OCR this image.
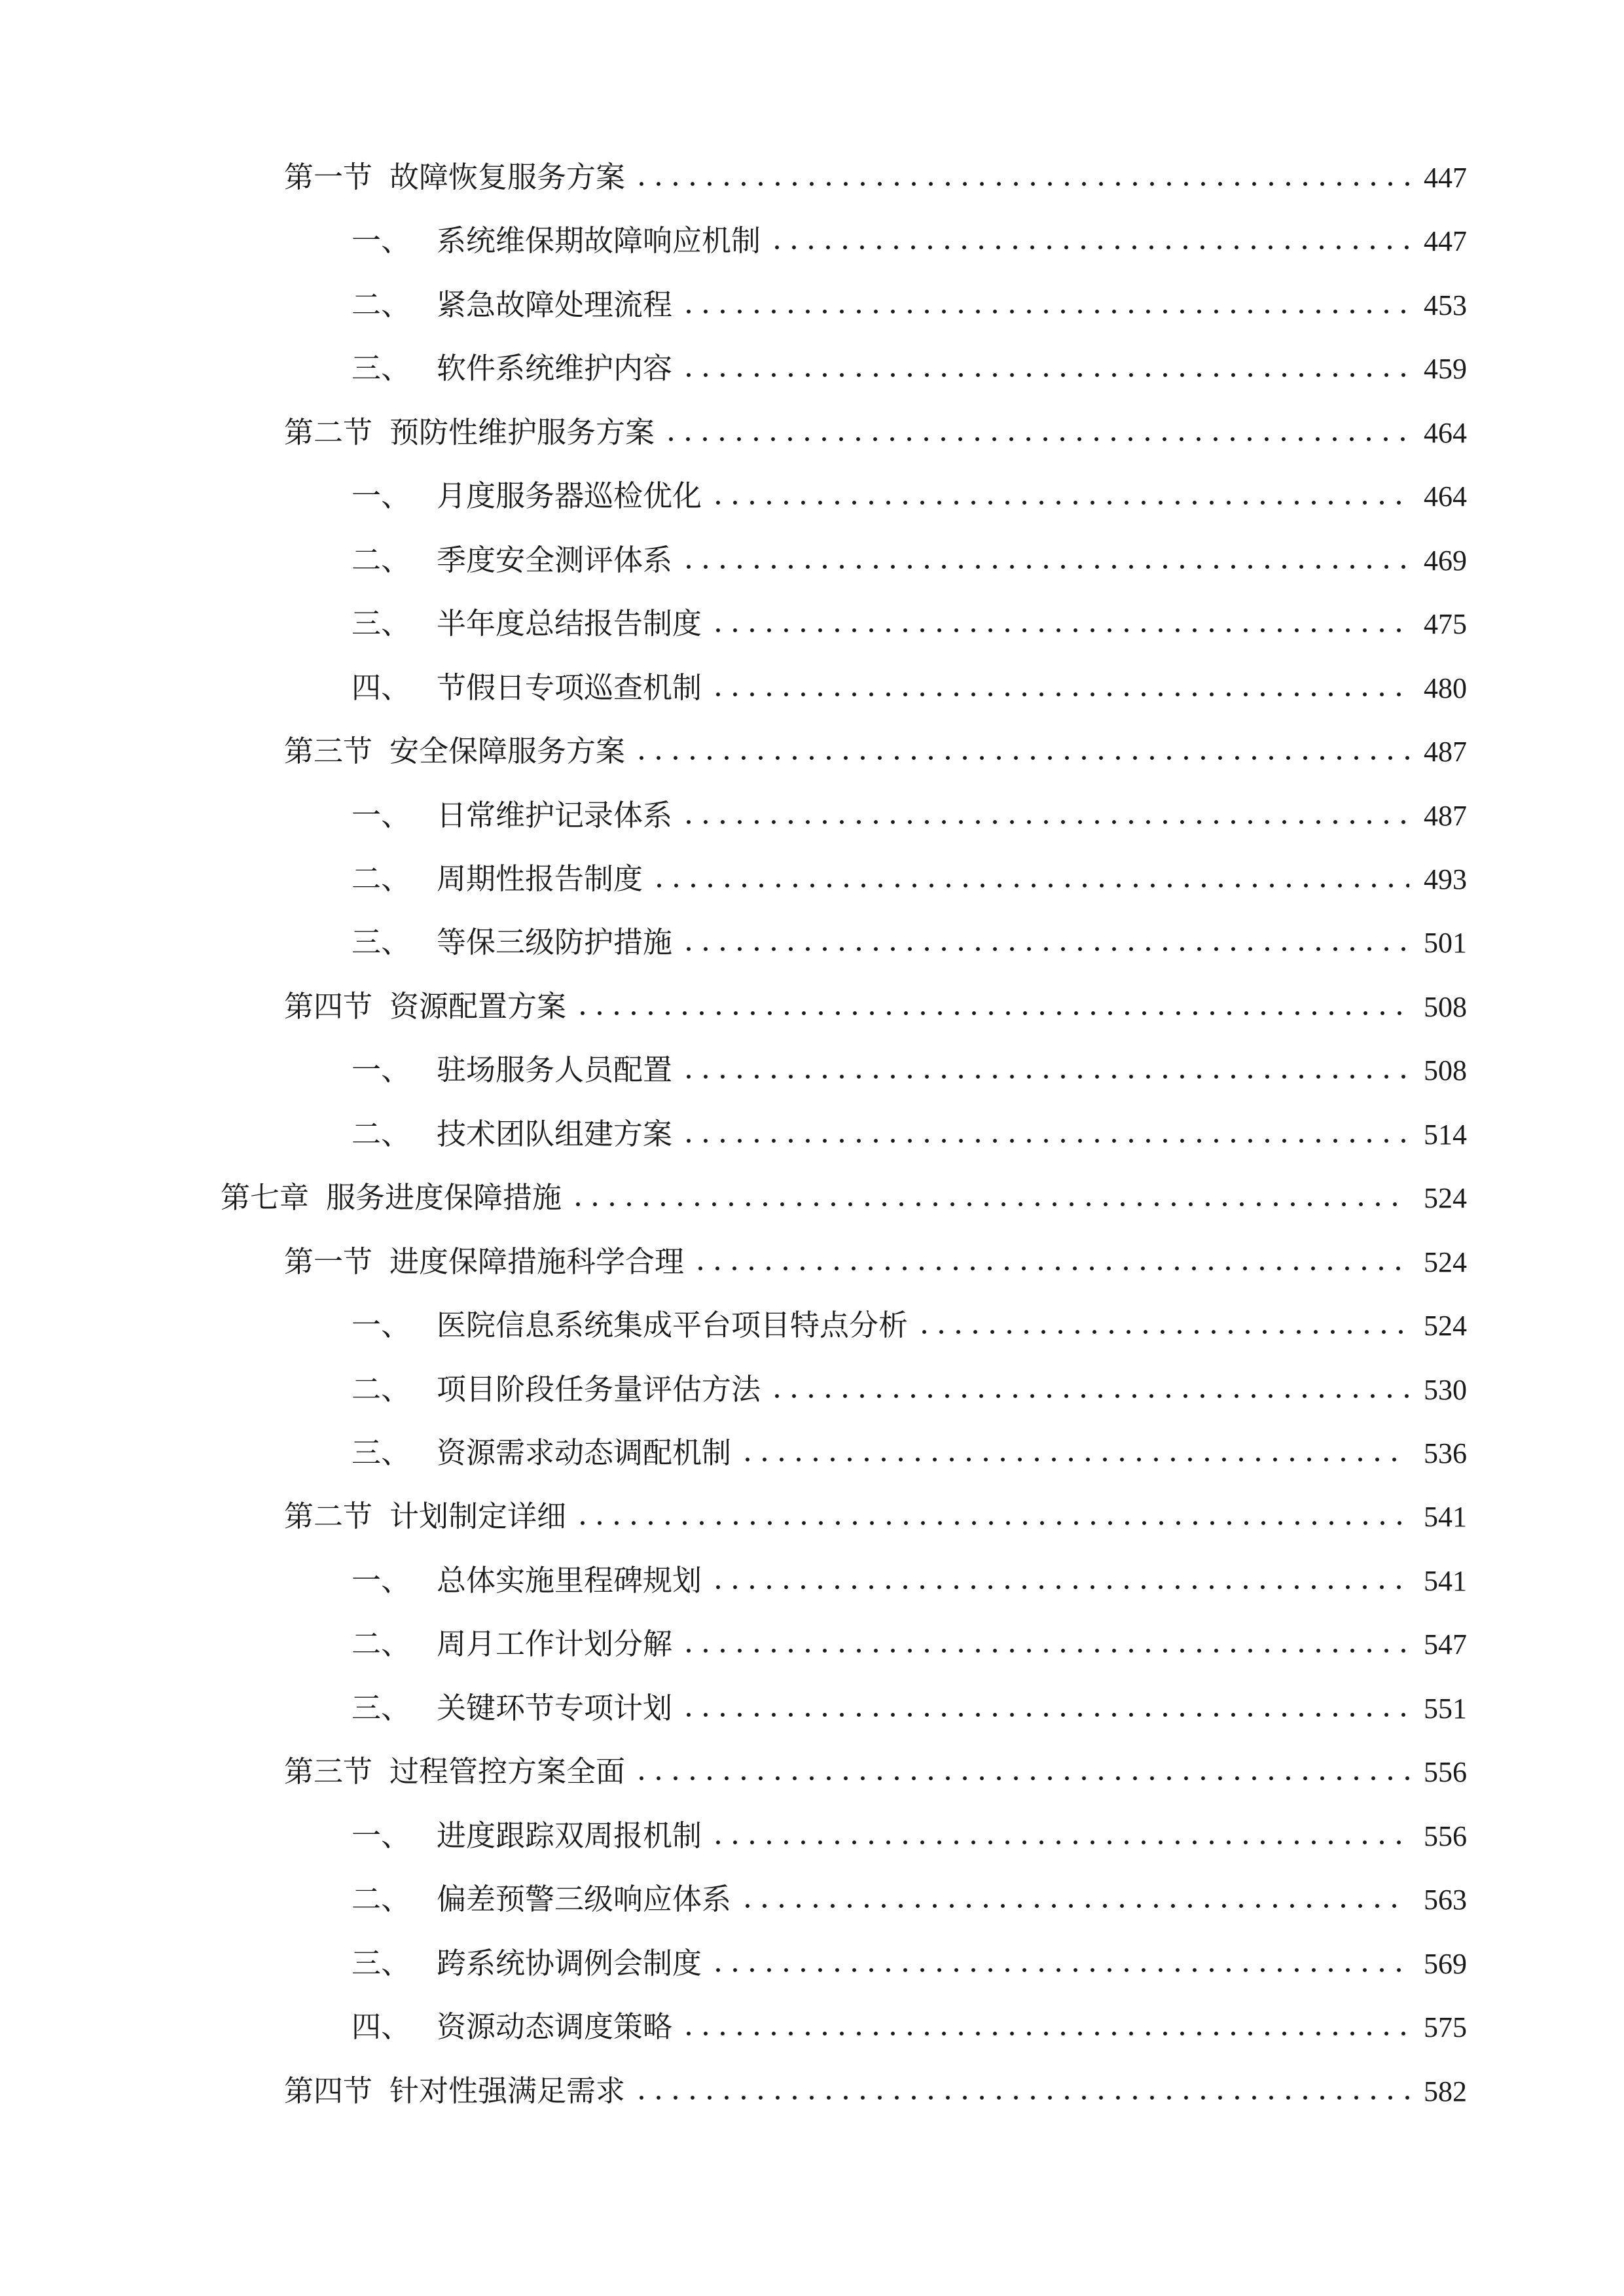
第一节 故障恢复服务方案	447
一、 系统维保期故障响应机制	447
二、 紧急故障处理流程	453
三、 软件系统维护内容	459
第二节 预防性维护服务方案	464
一、 月度服务器巡检优化	464
二、 季度安全测评体系	469
三、 半年度总结报告制度	475
四、 节假日专项巡查机制	480
第三节 安全保障服务方案	487
一、 日常维护记录体系	487
二、 周期性报告制度	493
三、 等保三级防护措施	501
第四节 资源配置方案	508
一、 驻场服务人员配置	508
二、 技术团队组建方案	514
第七章 服务进度保障措施	524
第一节 进度保障措施科学合理	524
一、 医院信息系统集成平台项目特点分析	524
二、 项目阶段任务量评估方法	530
三、 资源需求动态调配机制	536
第二节 计划制定详细	541
一、 总体实施里程碑规划	541
二、 周月工作计划分解	547
三、 关键环节专项计划	551
第三节 过程管控方案全面	556
一、 进度跟踪双周报机制	556
二、 偏差预警三级响应体系	563
三、 跨系统协调例会制度	569
四、 资源动态调度策略	575
第四节 针对性强满足需求	582
